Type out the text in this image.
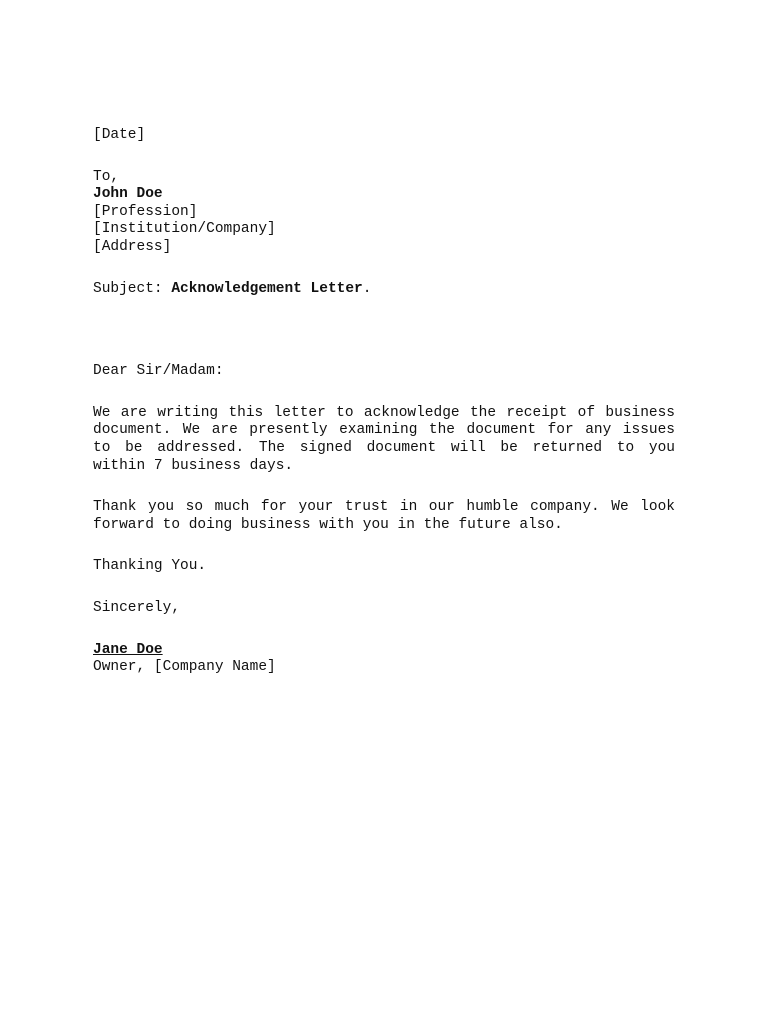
[Date]
To,
John Doe
[Profession]
[Institution/Company]
[Address]
Subject: Acknowledgement Letter.
Dear Sir/Madam:

We are writing this letter to acknowledge the receipt of business document. We are presently examining the document for any issues to be addressed. The signed document will be returned to you within 7 business days.

Thank you so much for your trust in our humble company. We look forward to doing business with you in the future also.

Thanking You.
Sincerely,
Jane Doe
Owner, [Company Name]
